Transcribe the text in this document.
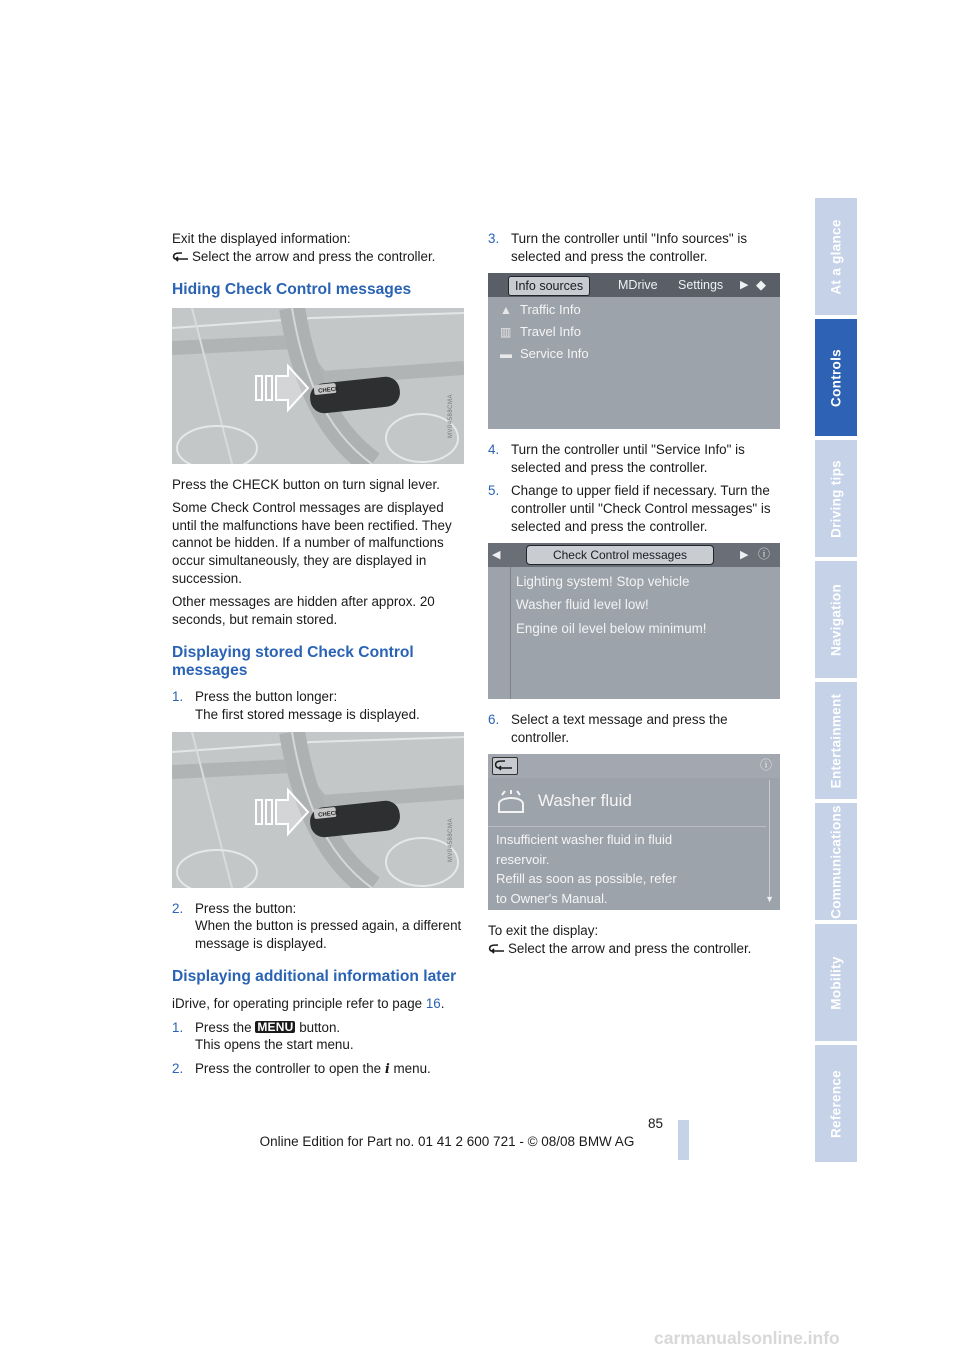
Exit the displayed information:
Select the arrow and press the controller.

Hiding Check Control messages
CHECK
MV04588CMA

Press the CHECK button on turn signal lever.

Some Check Control messages are displayed until the malfunctions have been rectified. They cannot be hidden. If a number of malfunctions occur simultaneously, they are displayed in succession.

Other messages are hidden after approx. 20 seconds, but remain stored.

Displaying stored Check Control messages
1. Press the button longer:
The first stored message is displayed.
CHECK
MV04588CMA
2. Press the button:
When the button is pressed again, a different message is displayed.
Displaying additional information later

iDrive, for operating principle refer to page 16.

1. Press the MENU button.
This opens the start menu.
2. Press the controller to open the i menu.
3. Turn the controller until "Info sources" is selected and press the controller.
Info sources	MDrive Settings ▶ ◆
▲ Traffic Info
▥ Travel Info
▬ Service Info
4. Turn the controller until "Service Info" is selected and press the controller.
5. Change to upper field if necessary. Turn the controller until "Check Control messages" is selected and press the controller.
◀	Check Control messages	▶ ⓘ
Lighting system! Stop vehicle
Washer fluid level low!
Engine oil level below minimum!
6. Select a text message and press the controller.
ⓘ
Washer fluid
Insufficient washer fluid in fluid
reservoir.
Refill as soon as possible, refer
to Owner's Manual.	▼

To exit the display:

Select the arrow and press the controller.

At a glance
Controls
Driving tips
Navigation
Entertainment
Communications
Mobility
Reference
85
Online Edition for Part no. 01 41 2 600 721 - © 08/08 BMW AG
carmanualsonline.info
